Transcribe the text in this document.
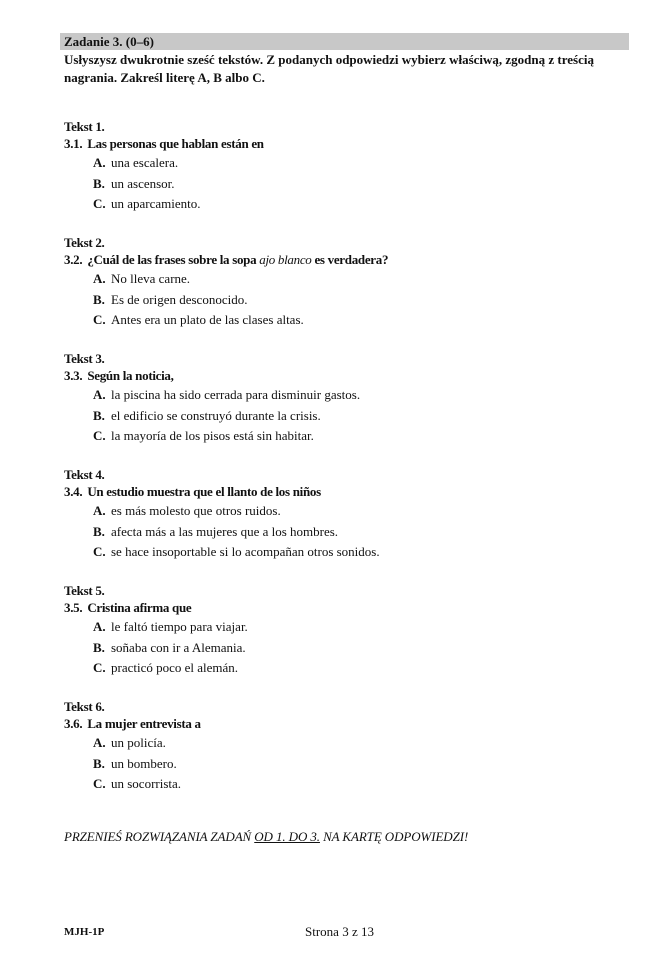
Zadanie 3. (0–6)
Usłyszysz dwukrotnie sześć tekstów. Z podanych odpowiedzi wybierz właściwą, zgodną z treścią nagrania. Zakreśl literę A, B albo C.
Tekst 1.
3.1. Las personas que hablan están en
A. una escalera.
B. un ascensor.
C. un aparcamiento.
Tekst 2.
3.2. ¿Cuál de las frases sobre la sopa ajo blanco es verdadera?
A. No lleva carne.
B. Es de origen desconocido.
C. Antes era un plato de las clases altas.
Tekst 3.
3.3. Según la noticia,
A. la piscina ha sido cerrada para disminuir gastos.
B. el edificio se construyó durante la crisis.
C. la mayoría de los pisos está sin habitar.
Tekst 4.
3.4. Un estudio muestra que el llanto de los niños
A. es más molesto que otros ruidos.
B. afecta más a las mujeres que a los hombres.
C. se hace insoportable si lo acompañan otros sonidos.
Tekst 5.
3.5. Cristina afirma que
A. le faltó tiempo para viajar.
B. soñaba con ir a Alemania.
C. practicó poco el alemán.
Tekst 6.
3.6. La mujer entrevista a
A. un policía.
B. un bombero.
C. un socorrista.
PRZENIEŚ ROZWIĄZANIA ZADAŃ OD 1. DO 3. NA KARTĘ ODPOWIEDZI!
MJH-1P	Strona 3 z 13
